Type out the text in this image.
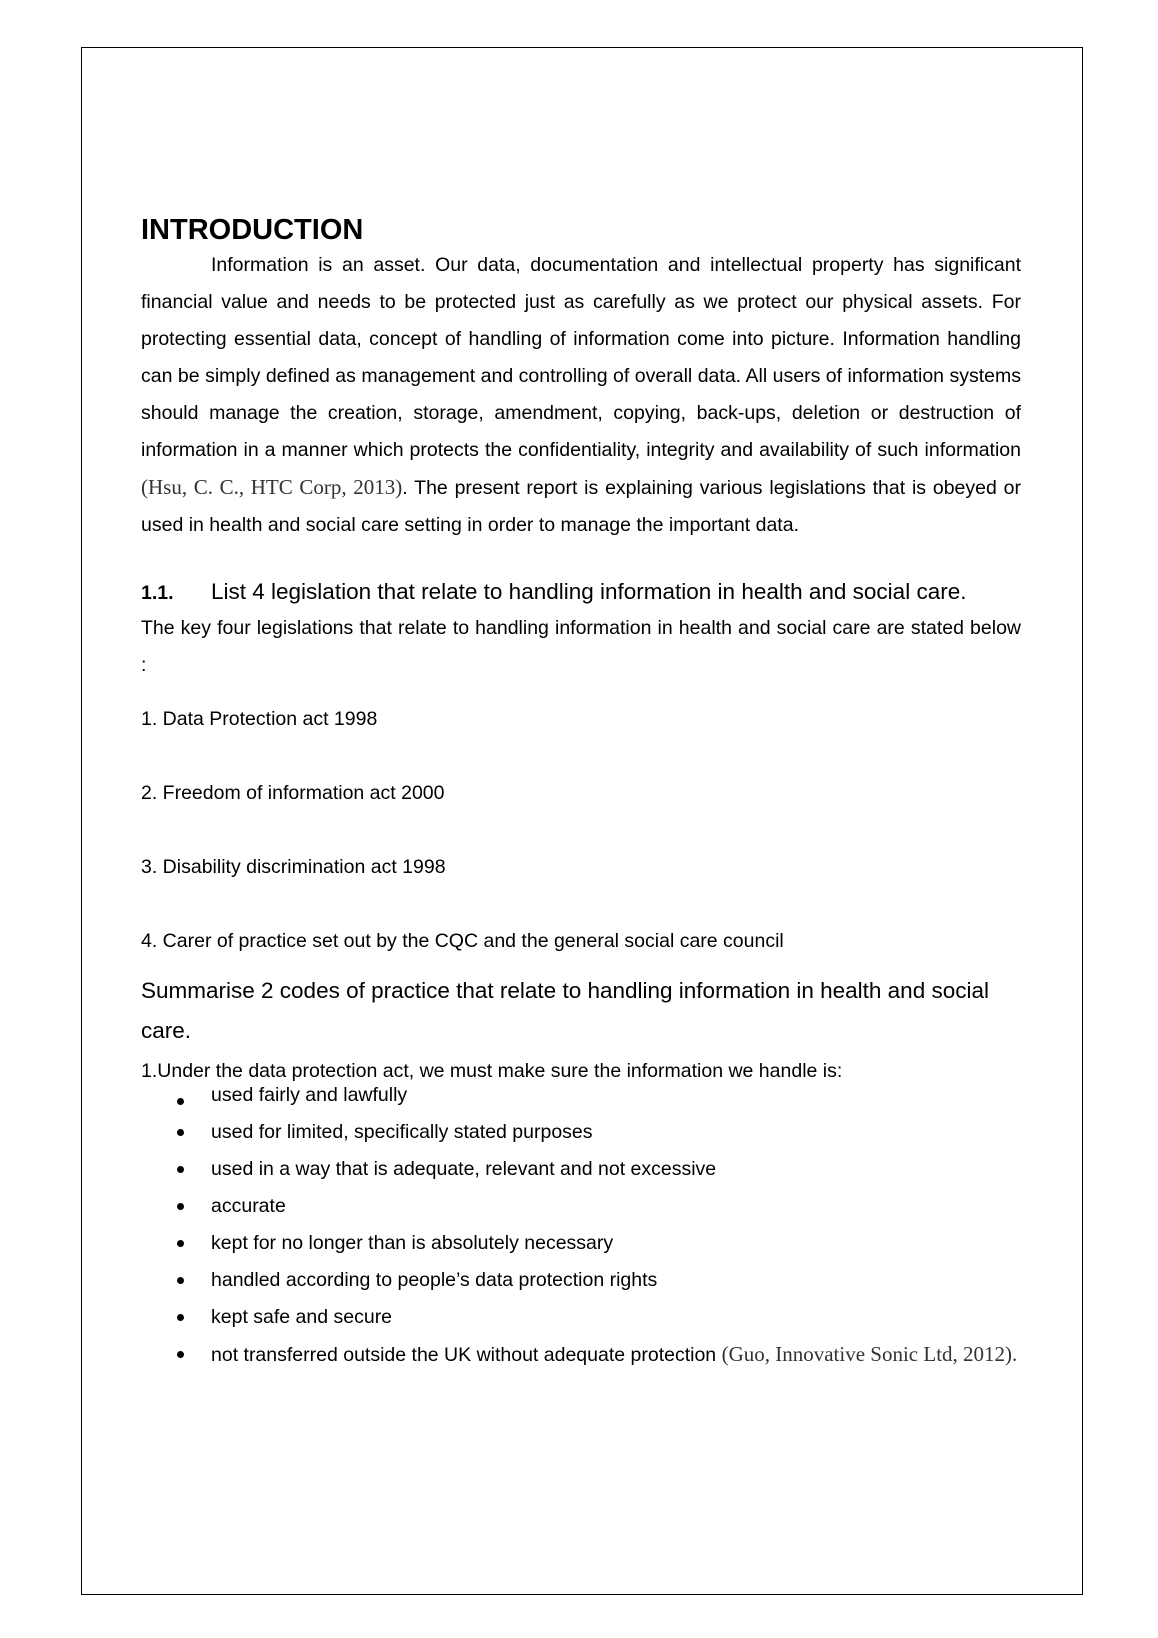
INTRODUCTION

Information is an asset. Our data, documentation and intellectual property has significant financial value and needs to be protected just as carefully as we protect our physical assets. For protecting essential data, concept of handling of information come into picture. Information handling can be simply defined as management and controlling of overall data. All users of information systems should manage the creation, storage, amendment, copying, back-ups, deletion or destruction of information in a manner which protects the confidentiality, integrity and availability of such information (Hsu, C. C., HTC Corp, 2013). The present report is explaining various legislations that is obeyed or used in health and social care setting in order to manage the important data.

1.1. List 4 legislation that relate to handling information in health and social care.

The key four legislations that relate to handling information in health and social care are stated below :

1. Data Protection act 1998
2. Freedom of information act 2000
3. Disability discrimination act 1998
4. Carer of practice set out by the CQC and the general social care council
Summarise 2 codes of practice that relate to handling information in health and social care.

1.Under the data protection act, we must make sure the information we handle is:

used fairly and lawfully
used for limited, specifically stated purposes
used in a way that is adequate, relevant and not excessive
accurate
kept for no longer than is absolutely necessary
handled according to people’s data protection rights
kept safe and secure
not transferred outside the UK without adequate protection (Guo, Innovative Sonic Ltd, 2012).
